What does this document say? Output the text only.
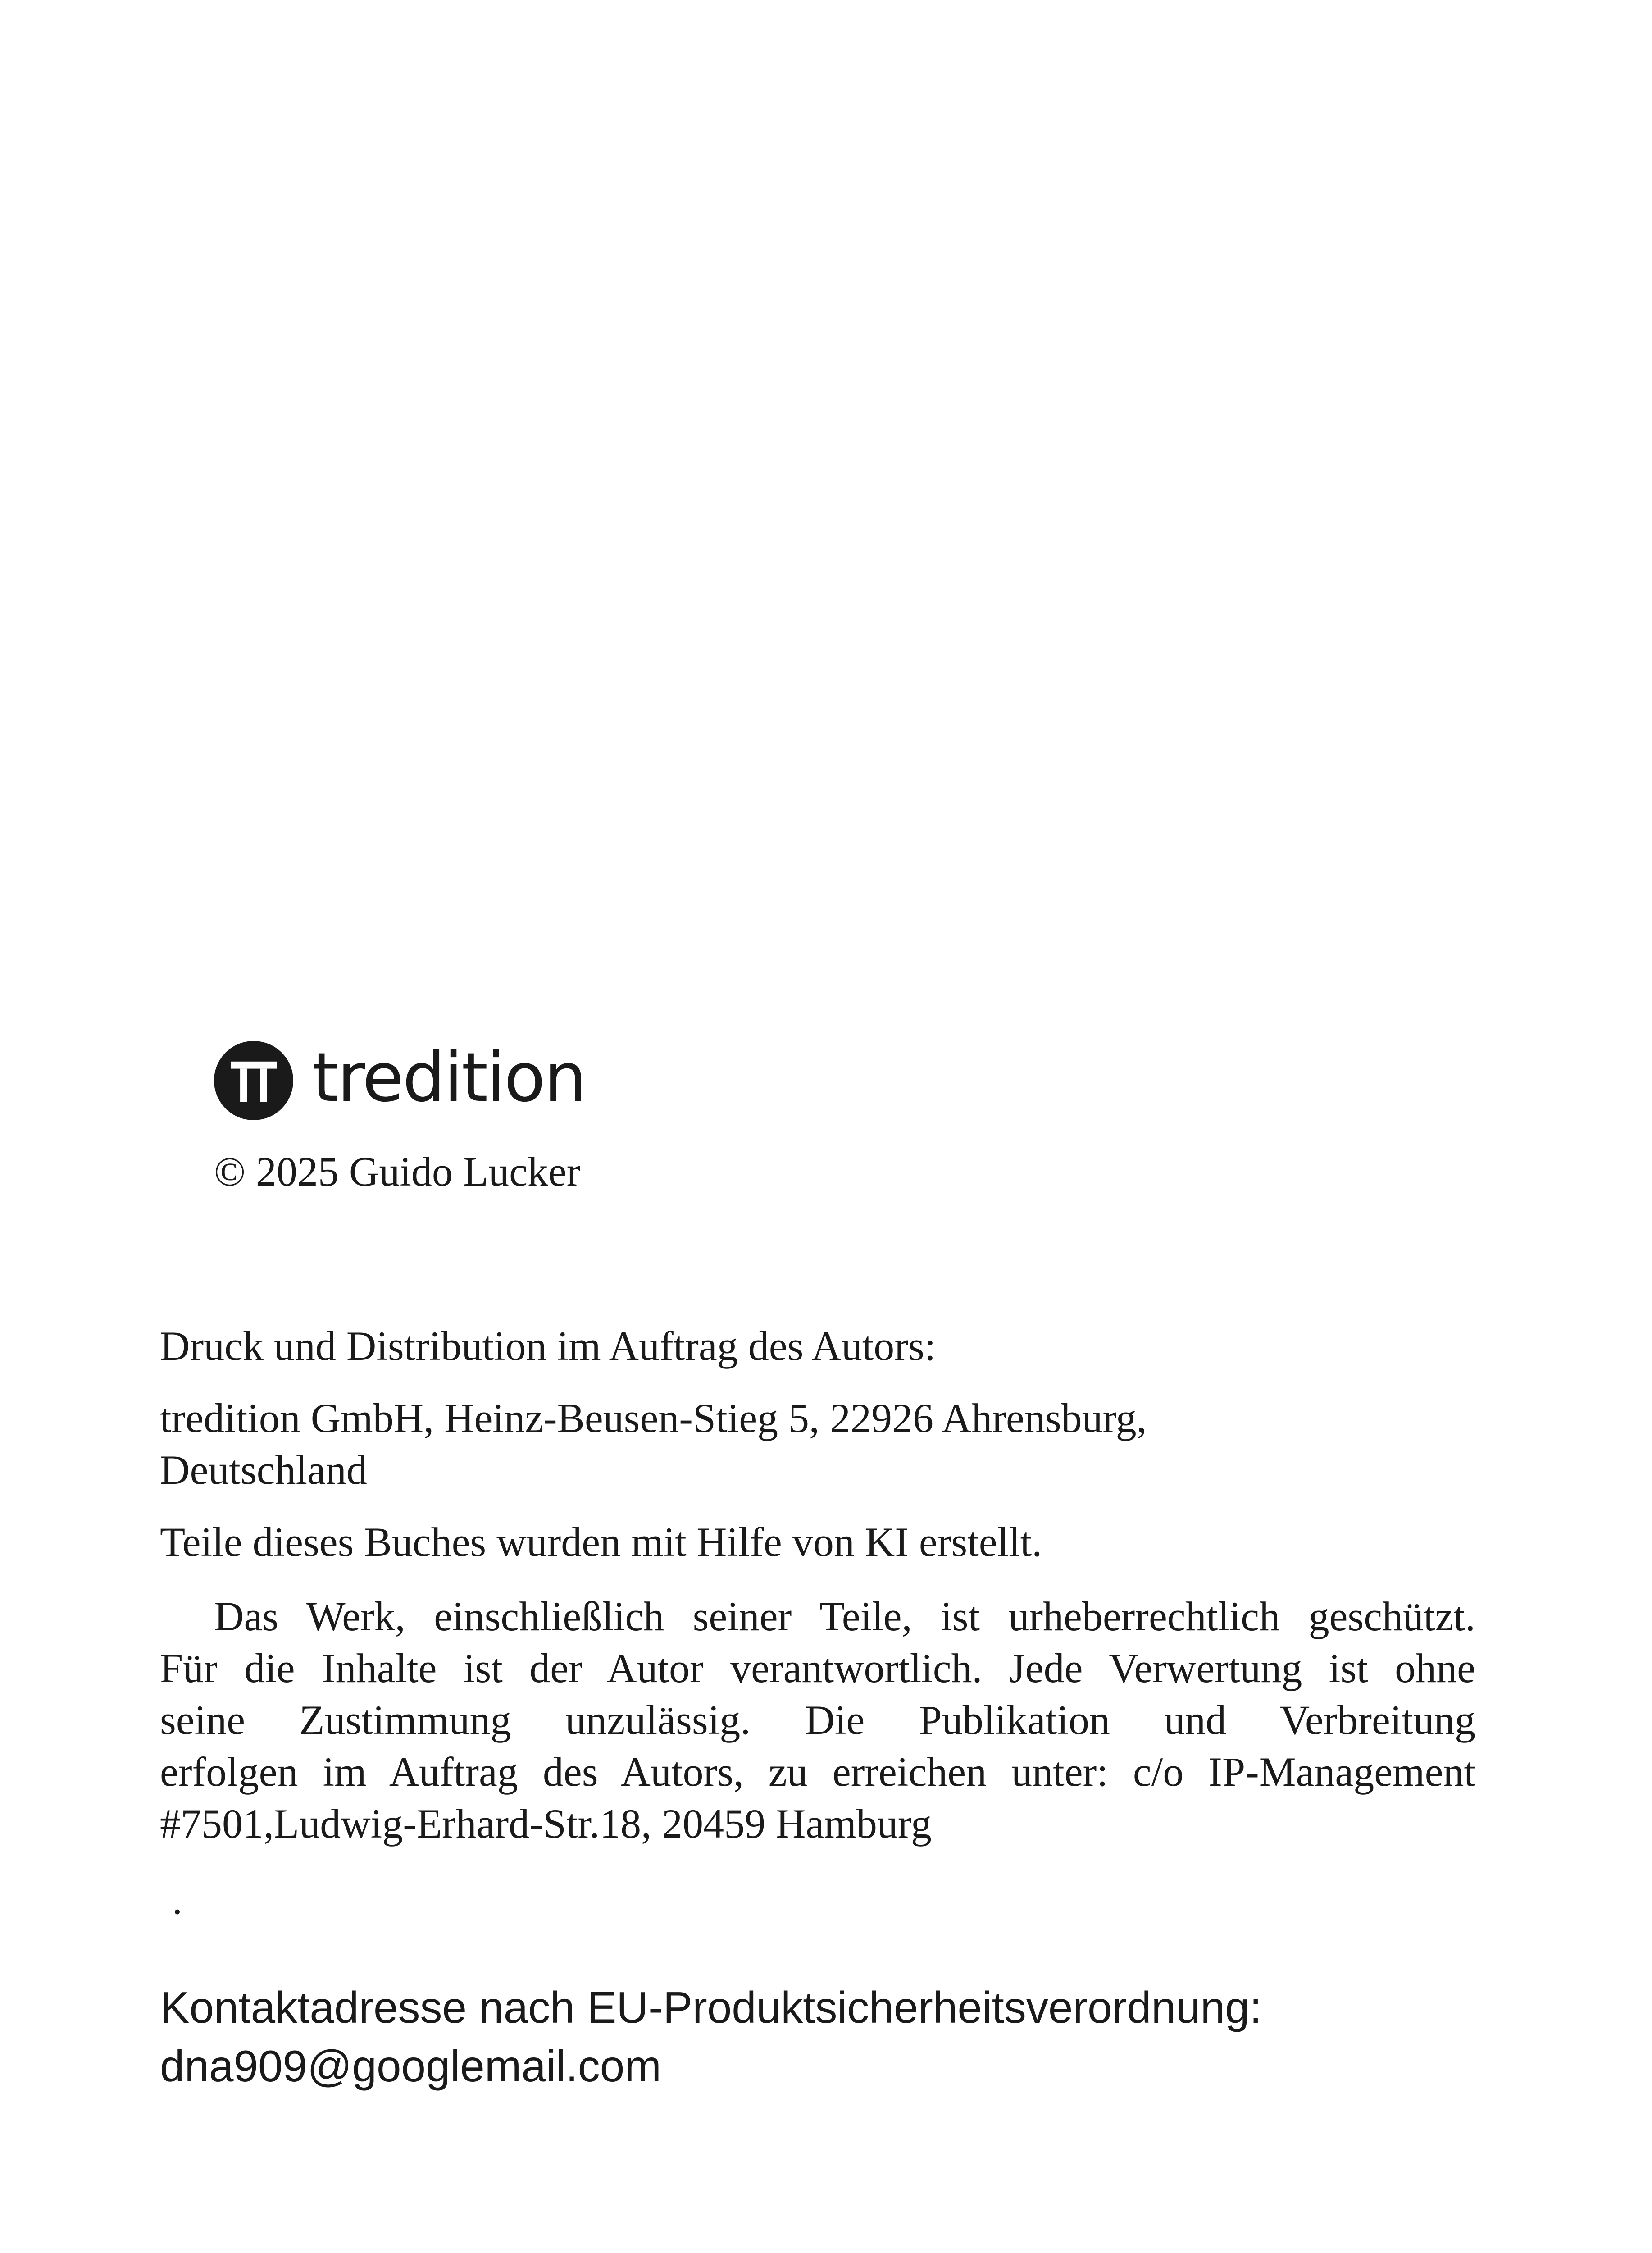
tredition
© 2025 Guido Lucker

Druck und Distribution im Auftrag des Autors:

tredition GmbH, Heinz-Beusen-Stieg 5, 22926 Ahrensburg,
Deutschland

Teile dieses Buches wurden mit Hilfe von KI erstellt.

Das Werk, einschließlich seiner Teile, ist urheberrechtlich geschützt.
Für die Inhalte ist der Autor verantwortlich. Jede Verwertung ist ohne
seine Zustimmung unzulässig. Die Publikation und Verbreitung
erfolgen im Auftrag des Autors, zu erreichen unter: c/o IP-Management
#7501,Ludwig-Erhard-Str.18, 20459 Hamburg

.
Kontaktadresse nach EU-Produktsicherheitsverordnung:
dna909@googlemail.com
